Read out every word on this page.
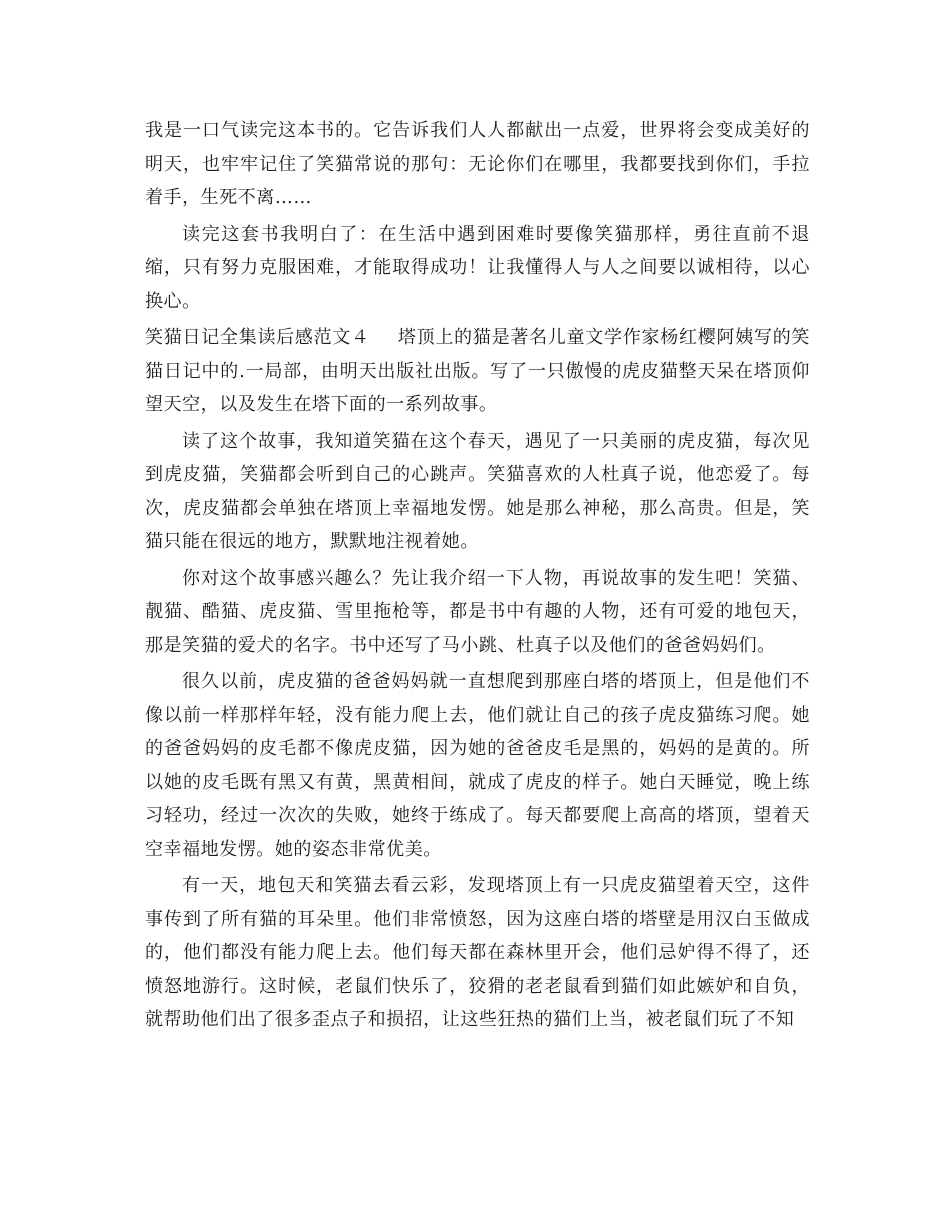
我是一口气读完这本书的。它告诉我们人人都献出一点爱，世界将会变成美好的明天，也牢牢记住了笑猫常说的那句：无论你们在哪里，我都要找到你们，手拉着手，生死不离……

读完这套书我明白了：在生活中遇到困难时要像笑猫那样，勇往直前不退缩，只有努力克服困难，才能取得成功！让我懂得人与人之间要以诚相待，以心换心。

笑猫日记全集读后感范文４ 塔顶上的猫是著名儿童文学作家杨红樱阿姨写的笑猫日记中的.一局部，由明天出版社出版。写了一只傲慢的虎皮猫整天呆在塔顶仰望天空，以及发生在塔下面的一系列故事。

读了这个故事，我知道笑猫在这个春天，遇见了一只美丽的虎皮猫，每次见到虎皮猫，笑猫都会听到自己的心跳声。笑猫喜欢的人杜真子说，他恋爱了。每次，虎皮猫都会单独在塔顶上幸福地发愣。她是那么神秘，那么高贵。但是，笑猫只能在很远的地方，默默地注视着她。

你对这个故事感兴趣么？先让我介绍一下人物，再说故事的发生吧！笑猫、靓猫、酷猫、虎皮猫、雪里拖枪等，都是书中有趣的人物，还有可爱的地包天，那是笑猫的爱犬的名字。书中还写了马小跳、杜真子以及他们的爸爸妈妈们。

很久以前，虎皮猫的爸爸妈妈就一直想爬到那座白塔的塔顶上，但是他们不像以前一样那样年轻，没有能力爬上去，他们就让自己的孩子虎皮猫练习爬。她的爸爸妈妈的皮毛都不像虎皮猫，因为她的爸爸皮毛是黑的，妈妈的是黄的。所以她的皮毛既有黑又有黄，黑黄相间，就成了虎皮的样子。她白天睡觉，晚上练习轻功，经过一次次的失败，她终于练成了。每天都要爬上高高的塔顶，望着天空幸福地发愣。她的姿态非常优美。

有一天，地包天和笑猫去看云彩，发现塔顶上有一只虎皮猫望着天空，这件事传到了所有猫的耳朵里。他们非常愤怒，因为这座白塔的塔壁是用汉白玉做成的，他们都没有能力爬上去。他们每天都在森林里开会，他们忌妒得不得了，还愤怒地游行。这时候，老鼠们快乐了，狡猾的老老鼠看到猫们如此嫉妒和自负，就帮助他们出了很多歪点子和损招，让这些狂热的猫们上当，被老鼠们玩了不知
